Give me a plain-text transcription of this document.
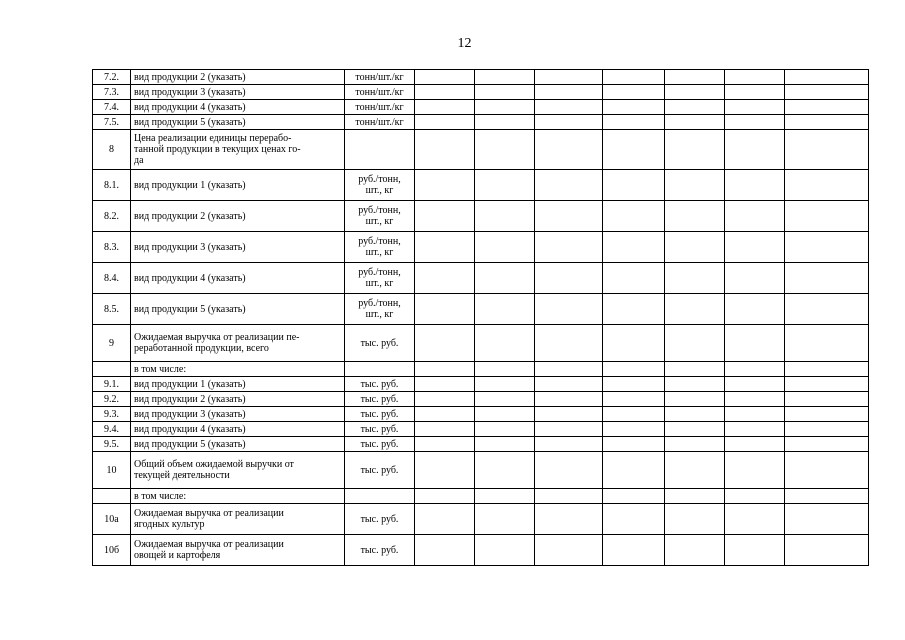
12
7.2.	вид продукции 2 (указать)	тонн/шт./кг							
7.3.	вид продукции 3 (указать)	тонн/шт./кг							
7.4.	вид продукции 4 (указать)	тонн/шт./кг							
7.5.	вид продукции 5 (указать)	тонн/шт./кг							
8	Цена реализации единицы перерабо-
танной продукции в текущих ценах го-
да								
8.1.	вид продукции 1 (указать)	руб./тонн,
шт., кг							
8.2.	вид продукции 2 (указать)	руб./тонн,
шт., кг							
8.3.	вид продукции 3 (указать)	руб./тонн,
шт., кг							
8.4.	вид продукции 4 (указать)	руб./тонн,
шт., кг							
8.5.	вид продукции 5 (указать)	руб./тонн,
шт., кг							
9	Ожидаемая выручка от реализации пе-
реработанной продукции, всего	тыс. руб.							
	в том числе:								
9.1.	вид продукции 1 (указать)	тыс. руб.							
9.2.	вид продукции 2 (указать)	тыс. руб.							
9.3.	вид продукции 3 (указать)	тыс. руб.							
9.4.	вид продукции 4 (указать)	тыс. руб.							
9.5.	вид продукции 5 (указать)	тыс. руб.							
10	Общий объем ожидаемой выручки от
текущей деятельности	тыс. руб.							
	в том числе:								
10а	Ожидаемая выручка от реализации
ягодных культур	тыс. руб.							
10б	Ожидаемая выручка от реализации
овощей и картофеля	тыс. руб.							
